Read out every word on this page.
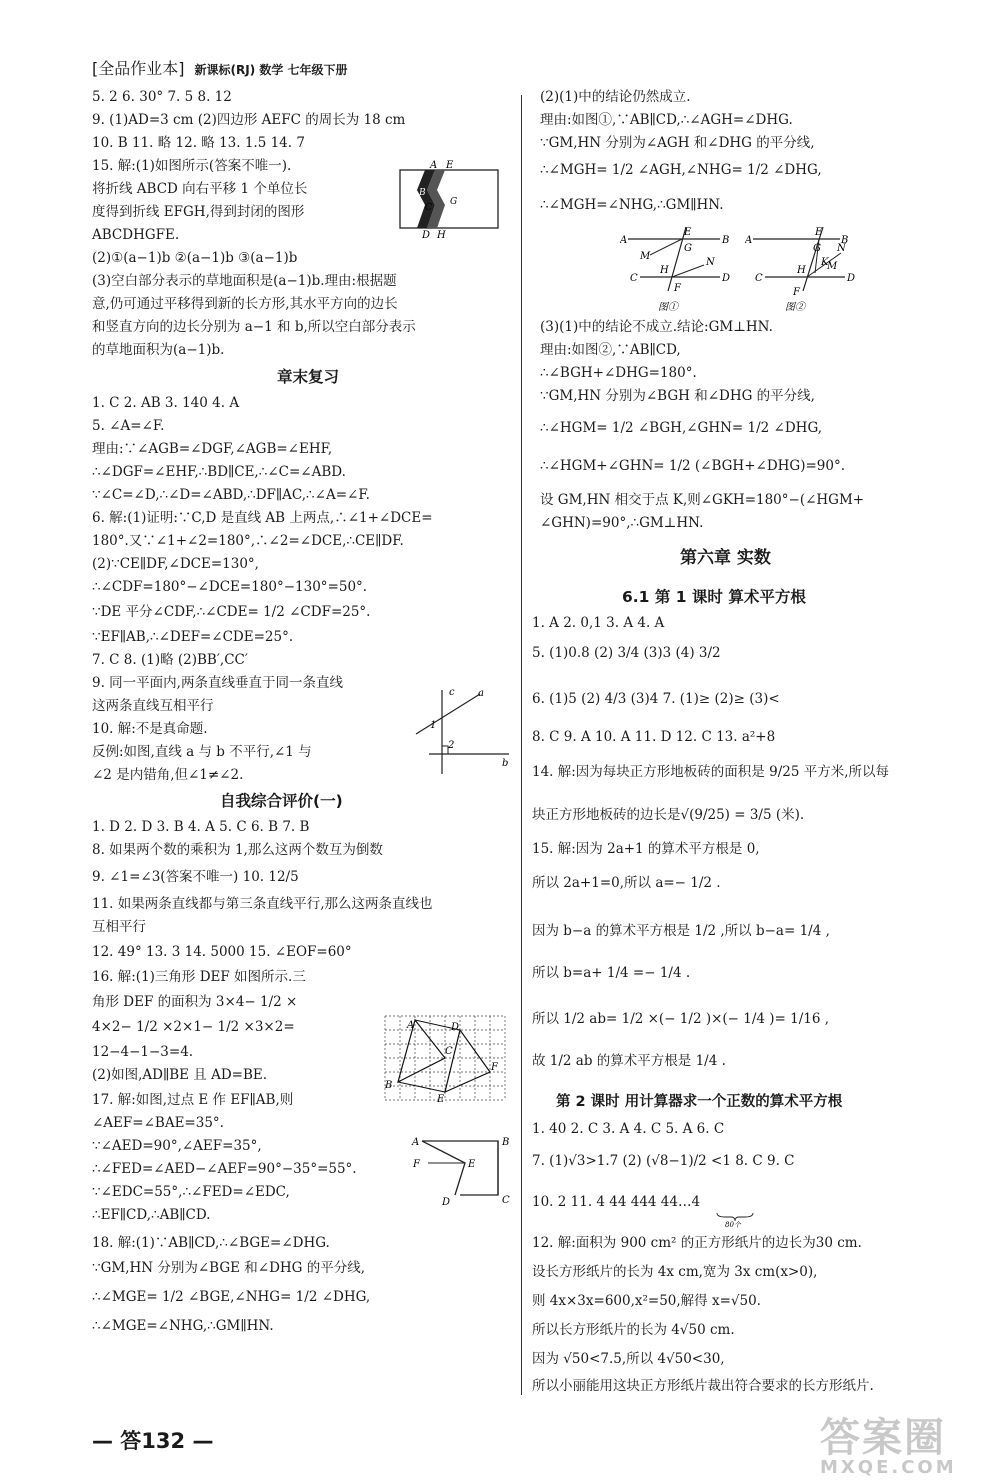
[全品作业本] 新课标(RJ) 数学 七年级下册
5. 2 6. 30° 7. 5 8. 12
9. (1)AD=3 cm (2)四边形 AEFC 的周长为 18 cm
10. B 11. 略 12. 略 13. 1.5 14. 7
15. 解:(1)如图所示(答案不唯一).
将折线 ABCD 向右平移 1 个单位长
度得到折线 EFGH,得到封闭的图形
ABCDHGFE.
(2)①(a−1)b ②(a−1)b ③(a−1)b
(3)空白部分表示的草地面积是(a−1)b.理由:根据题
意,仍可通过平移得到新的长方形,其水平方向的边长
和竖直方向的边长分别为 a−1 和 b,所以空白部分表示
的草地面积为(a−1)b.
章末复习
1. C 2. AB 3. 140 4. A
5. ∠A=∠F.
理由:∵∠AGB=∠DGF,∠AGB=∠EHF,
∴∠DGF=∠EHF,∴BD∥CE,∴∠C=∠ABD.
∵∠C=∠D,∴∠D=∠ABD,∴DF∥AC,∴∠A=∠F.
6. 解:(1)证明:∵C,D 是直线 AB 上两点,∴∠1+∠DCE=
180°.又∵∠1+∠2=180°,∴∠2=∠DCE,∴CE∥DF.
(2)∵CE∥DF,∠DCE=130°,
∴∠CDF=180°−∠DCE=180°−130°=50°.
∵DE 平分∠CDF,∴∠CDE= 1/2 ∠CDF=25°.
∵EF∥AB,∴∠DEF=∠CDE=25°.
7. C 8. (1)略 (2)BB′,CC′
9. 同一平面内,两条直线垂直于同一条直线
这两条直线互相平行
10. 解:不是真命题.
反例:如图,直线 a 与 b 不平行,∠1 与
∠2 是内错角,但∠1≠∠2.
自我综合评价(一)
1. D 2. D 3. B 4. A 5. C 6. B 7. B
8. 如果两个数的乘积为 1,那么这两个数互为倒数
9. ∠1=∠3(答案不唯一) 10. 12/5
11. 如果两条直线都与第三条直线平行,那么这两条直线也
互相平行
12. 49° 13. 3 14. 5000 15. ∠EOF=60°
16. 解:(1)三角形 DEF 如图所示.三
角形 DEF 的面积为 3×4− 1/2 ×
4×2− 1/2 ×2×1− 1/2 ×3×2=
12−4−1−3=4.
(2)如图,AD∥BE 且 AD=BE.
17. 解:如图,过点 E 作 EF∥AB,则
∠AEF=∠BAE=35°.
∵∠AED=90°,∠AEF=35°,
∴∠FED=∠AED−∠AEF=90°−35°=55°.
∵∠EDC=55°,∴∠FED=∠EDC,
∴EF∥CD,∴AB∥CD.
18. 解:(1)∵AB∥CD,∴∠BGE=∠DHG.
∵GM,HN 分别为∠BGE 和∠DHG 的平分线,
∴∠MGE= 1/2 ∠BGE,∠NHG= 1/2 ∠DHG,
∴∠MGE=∠NHG,∴GM∥HN.
A E
B F
C
G
D H
c a
1
2
b
A	D
B
E
C
F
A	B
F	E
D	C
(2)(1)中的结论仍然成立.
理由:如图①,∵AB∥CD,∴∠AGH=∠DHG.
∵GM,HN 分别为∠AGH 和∠DHG 的平分线,
∴∠MGH= 1/2 ∠AGH,∠NHG= 1/2 ∠DHG,
∴∠MGH=∠NHG,∴GM∥HN.
(3)(1)中的结论不成立.结论:GM⊥HN.
理由:如图②,∵AB∥CD,
∴∠BGH+∠DHG=180°.
∵GM,HN 分别为∠BGH 和∠DHG 的平分线,
∴∠HGM= 1/2 ∠BGH,∠GHN= 1/2 ∠DHG,
∴∠HGM+∠GHN= 1/2 (∠BGH+∠DHG)=90°.
设 GM,HN 相交于点 K,则∠GKH=180°−(∠HGM+
∠GHN)=90°,∴GM⊥HN.
第六章 实数
6.1 第 1 课时 算术平方根
1. A 2. 0,1 3. A 4. A
5. (1)0.8 (2) 3/4 (3)3 (4) 3/2
6. (1)5 (2) 4/3 (3)4 7. (1)≥ (2)≥ (3)<
8. C 9. A 10. A 11. D 12. C 13. a²+8
14. 解:因为每块正方形地板砖的面积是 9/25 平方米,所以每
块正方形地板砖的边长是√(9/25) = 3/5 (米).
15. 解:因为 2a+1 的算术平方根是 0,
所以 2a+1=0,所以 a=− 1/2 .
因为 b−a 的算术平方根是 1/2 ,所以 b−a= 1/4 ,
所以 b=a+ 1/4 =− 1/4 .
所以 1/2 ab= 1/2 ×(− 1/2 )×(− 1/4 )= 1/16 ,
故 1/2 ab 的算术平方根是 1/4 .
第 2 课时 用计算器求一个正数的算术平方根
1. 40 2. C 3. A 4. C 5. A 6. C
7. (1)√3>1.7 (2) (√8−1)/2 <1 8. C 9. C
10. 2 11. 4 44 444 44…4
12. 解:面积为 900 cm² 的正方形纸片的边长为30 cm.
设长方形纸片的长为 4x cm,宽为 3x cm(x>0),
则 4x×3x=600,x²=50,解得 x=√50.
所以长方形纸片的长为 4√50 cm.
因为 √50<7.5,所以 4√50<30,
所以小丽能用这块正方形纸片裁出符合要求的长方形纸片.
A	B
E
G
M
N
H
C	D
F
图①
A	B
E
G N
K
M
H
C	D
F
图②
80个
— 答132 —	答案圈
MXQE.COM
